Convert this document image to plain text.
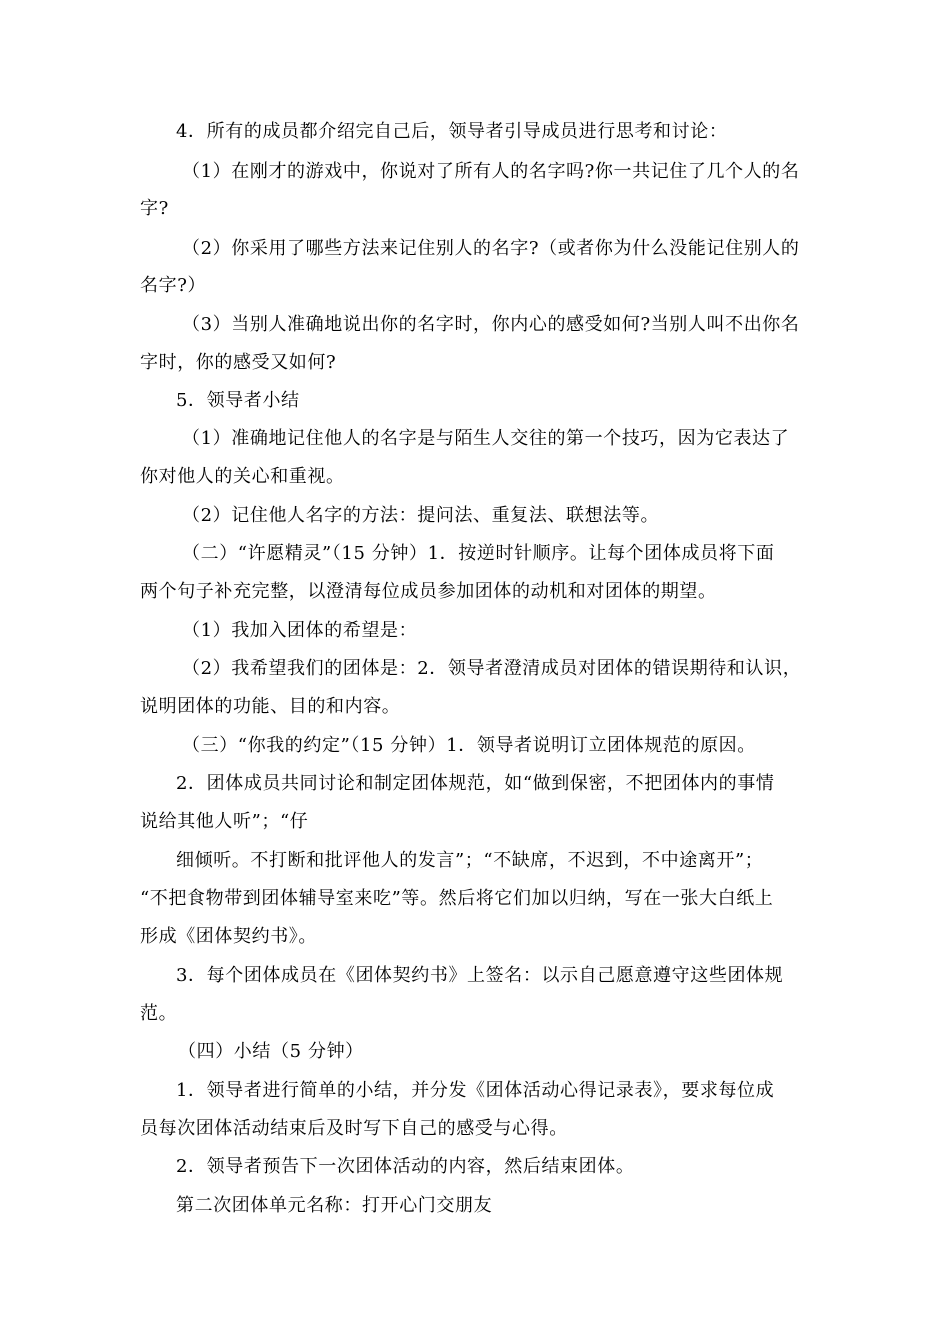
4．所有的成员都介绍完自己后，领导者引导成员进行思考和讨论：
（1）在刚才的游戏中，你说对了所有人的名字吗?你一共记住了几个人的名
字?
（2）你采用了哪些方法来记住别人的名字?（或者你为什么没能记住别人的
名字?）
（3）当别人准确地说出你的名字时，你内心的感受如何?当别人叫不出你名
字时，你的感受又如何?
5．领导者小结
（1）准确地记住他人的名字是与陌生人交往的第一个技巧，因为它表达了
你对他人的关心和重视。
（2）记住他人名字的方法：提问法、重复法、联想法等。
（二）“许愿精灵”（15 分钟）1．按逆时针顺序。让每个团体成员将下面
两个句子补充完整，以澄清每位成员参加团体的动机和对团体的期望。
（1）我加入团体的希望是：
（2）我希望我们的团体是：2．领导者澄清成员对团体的错误期待和认识，
说明团体的功能、目的和内容。
（三）“你我的约定”（15 分钟）1．领导者说明订立团体规范的原因。
2．团体成员共同讨论和制定团体规范，如“做到保密，不把团体内的事情
说给其他人听”；“仔
细倾听。不打断和批评他人的发言”；“不缺席，不迟到，不中途离开”；
“不把食物带到团体辅导室来吃”等。然后将它们加以归纳，写在一张大白纸上
形成《团体契约书》。
3．每个团体成员在《团体契约书》上签名：以示自己愿意遵守这些团体规
范。
（四）小结（5 分钟）
1．领导者进行简单的小结，并分发《团体活动心得记录表》，要求每位成
员每次团体活动结束后及时写下自己的感受与心得。
2．领导者预告下一次团体活动的内容，然后结束团体。
第二次团体单元名称：打开心门交朋友
